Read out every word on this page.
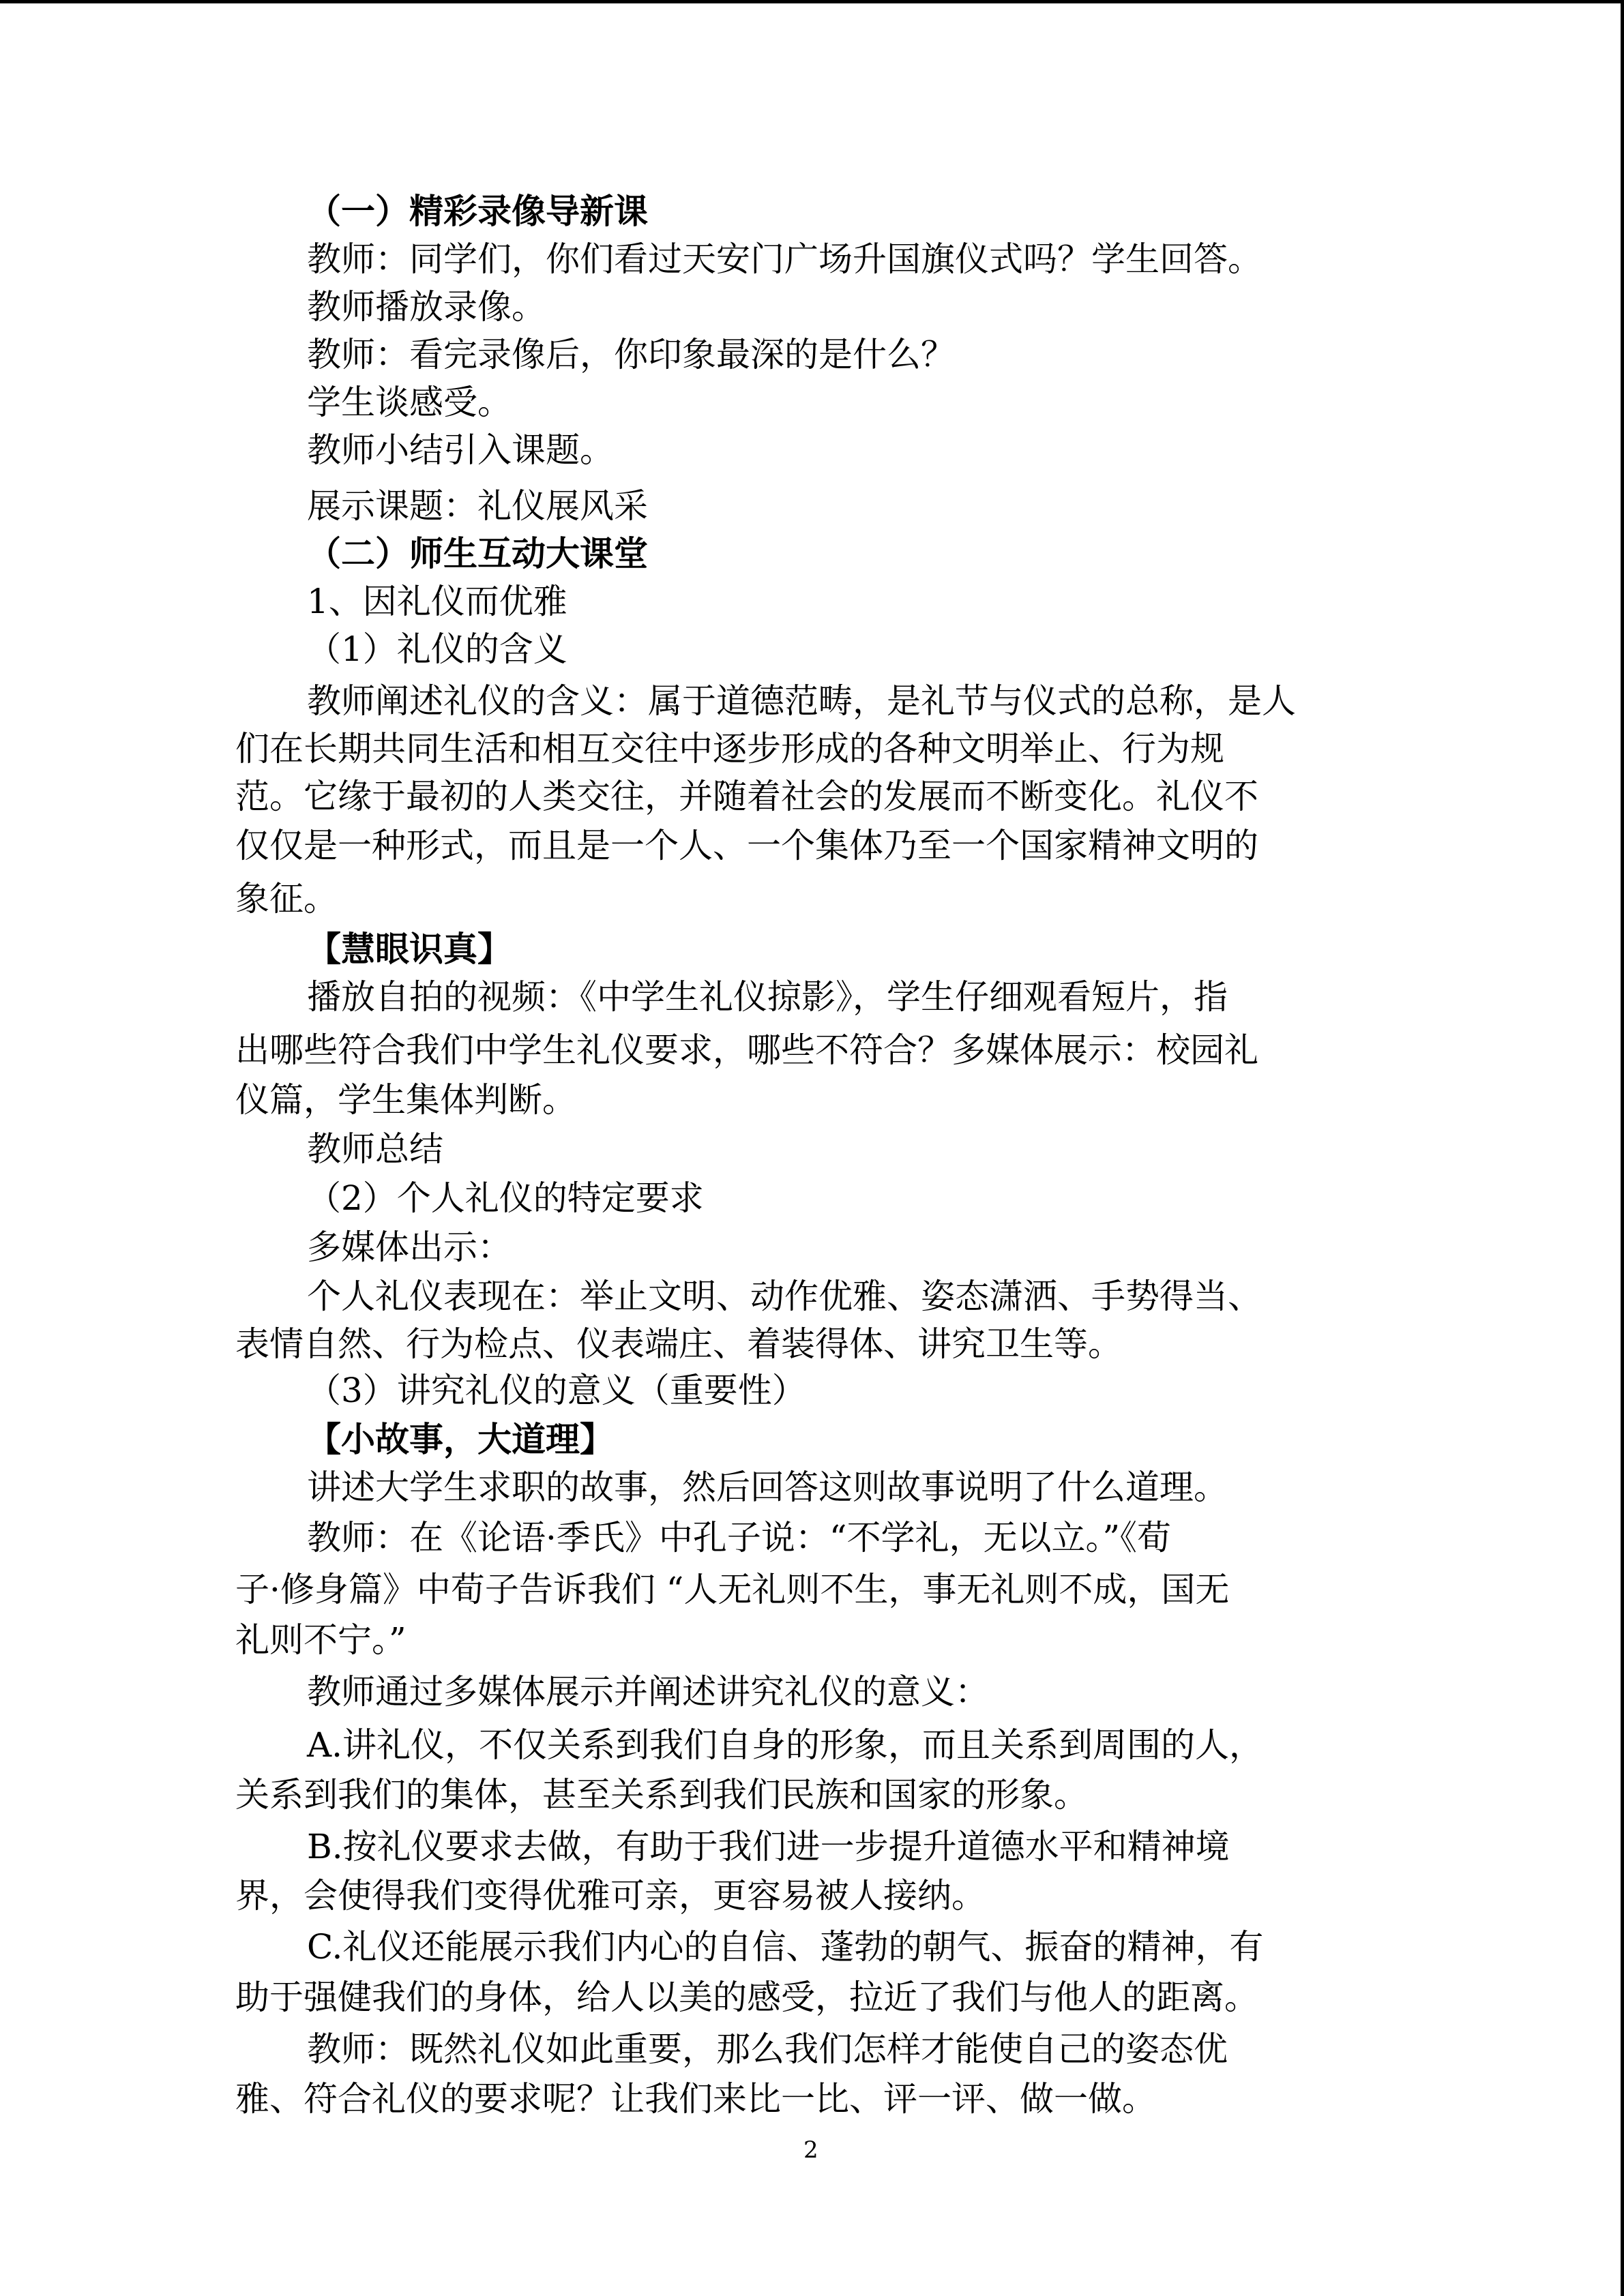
（一）精彩录像导新课
教师：同学们，你们看过天安门广场升国旗仪式吗？学生回答。
教师播放录像。
教师：看完录像后，你印象最深的是什么？
学生谈感受。
教师小结引入课题。
展示课题：礼仪展风采
（二）师生互动大课堂
1、因礼仪而优雅
（1）礼仪的含义
教师阐述礼仪的含义：属于道德范畴，是礼节与仪式的总称，是人
们在长期共同生活和相互交往中逐步形成的各种文明举止、行为规
范。它缘于最初的人类交往，并随着社会的发展而不断变化。礼仪不
仅仅是一种形式，而且是一个人、一个集体乃至一个国家精神文明的
象征。
【慧眼识真】
播放自拍的视频：《中学生礼仪掠影》，学生仔细观看短片，指
出哪些符合我们中学生礼仪要求，哪些不符合？多媒体展示：校园礼
仪篇，学生集体判断。
教师总结
（2）个人礼仪的特定要求
多媒体出示：
个人礼仪表现在：举止文明、动作优雅、姿态潇洒、手势得当、
表情自然、行为检点、仪表端庄、着装得体、讲究卫生等。
（3）讲究礼仪的意义（重要性）
【小故事，大道理】
讲述大学生求职的故事，然后回答这则故事说明了什么道理。
教师：在《论语·季氏》中孔子说：“不学礼，无以立。”《荀
子·修身篇》中荀子告诉我们 “人无礼则不生，事无礼则不成，国无
礼则不宁。”
教师通过多媒体展示并阐述讲究礼仪的意义：
A.讲礼仪，不仅关系到我们自身的形象，而且关系到周围的人，
关系到我们的集体，甚至关系到我们民族和国家的形象。
B.按礼仪要求去做，有助于我们进一步提升道德水平和精神境
界，会使得我们变得优雅可亲，更容易被人接纳。
C.礼仪还能展示我们内心的自信、蓬勃的朝气、振奋的精神，有
助于强健我们的身体，给人以美的感受，拉近了我们与他人的距离。
教师：既然礼仪如此重要，那么我们怎样才能使自己的姿态优
雅、符合礼仪的要求呢？让我们来比一比、评一评、做一做。
2
